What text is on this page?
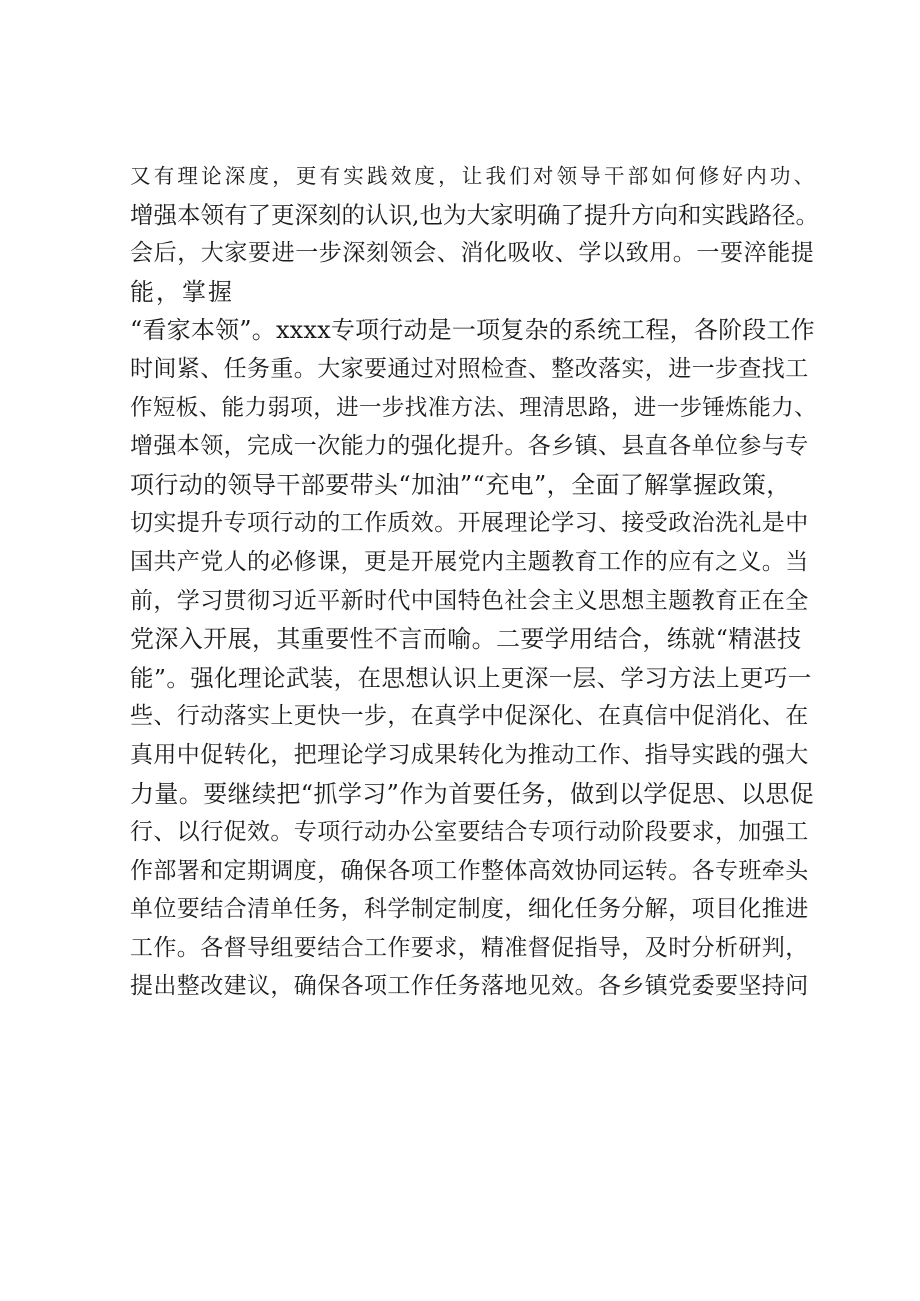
又有理论深度，更有实践效度，让我们对领导干部如何修好内功、
增强本领有了更深刻的认识,也为大家明确了提升方向和实践路径。
会后，大家要进一步深刻领会、消化吸收、学以致用。一要淬能提
能，掌握
“看家本领”。xxxx专项行动是一项复杂的系统工程，各阶段工作
时间紧、任务重。大家要通过对照检查、整改落实，进一步查找工
作短板、能力弱项，进一步找准方法、理清思路，进一步锤炼能力、
增强本领，完成一次能力的强化提升。各乡镇、县直各单位参与专
项行动的领导干部要带头“加油”“充电”，全面了解掌握政策，
切实提升专项行动的工作质效。开展理论学习、接受政治洗礼是中
国共产党人的必修课，更是开展党内主题教育工作的应有之义。当
前，学习贯彻习近平新时代中国特色社会主义思想主题教育正在全
党深入开展，其重要性不言而喻。二要学用结合，练就“精湛技
能”。强化理论武装，在思想认识上更深一层、学习方法上更巧一
些、行动落实上更快一步，在真学中促深化、在真信中促消化、在
真用中促转化，把理论学习成果转化为推动工作、指导实践的强大
力量。要继续把“抓学习”作为首要任务，做到以学促思、以思促
行、以行促效。专项行动办公室要结合专项行动阶段要求，加强工
作部署和定期调度，确保各项工作整体高效协同运转。各专班牵头
单位要结合清单任务，科学制定制度，细化任务分解，项目化推进
工作。各督导组要结合工作要求，精准督促指导，及时分析研判，
提出整改建议，确保各项工作任务落地见效。各乡镇党委要坚持问
